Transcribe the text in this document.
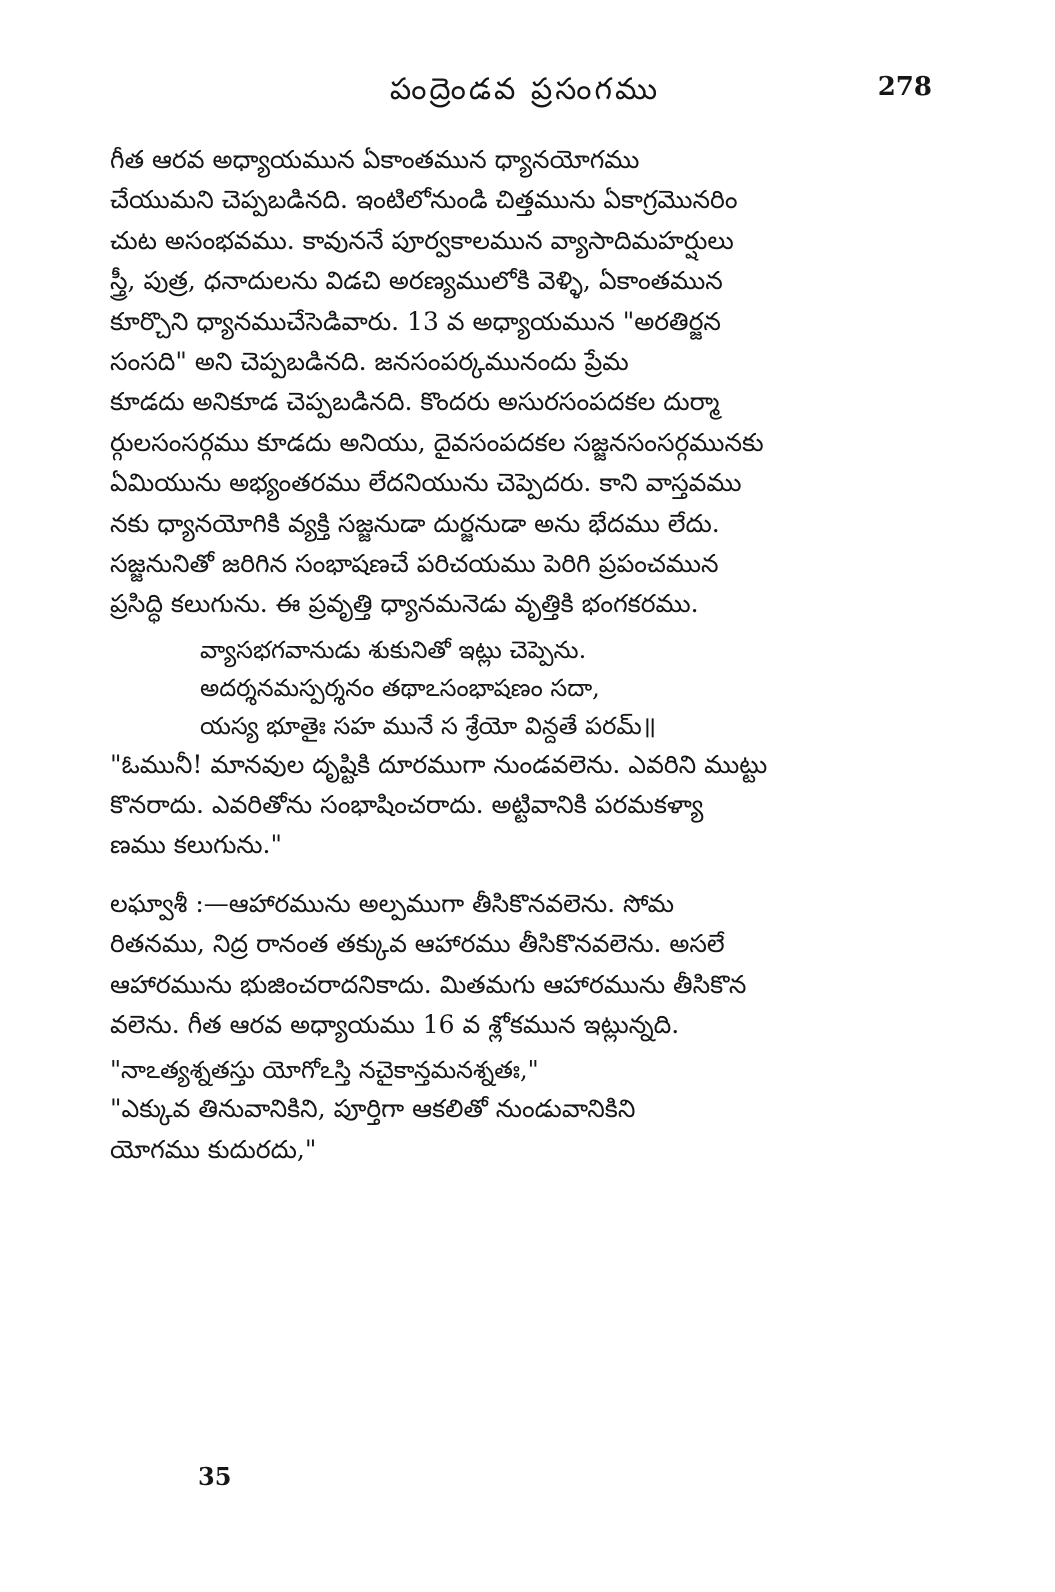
పంద్రెండవ ప్రసంగము	278
గీత ఆరవ అధ్యాయమున ఏకాంతమున ధ్యానయోగము
చేయుమని చెప్పబడినది. ఇంటిలోనుండి చిత్తమును ఏకాగ్రమొనరిం
చుట అసంభవము. కావుననే పూర్వకాలమున వ్యాసాదిమహర్షులు
స్త్రీ, పుత్ర, ధనాదులను విడచి అరణ్యములోకి వెళ్ళి, ఏకాంతమున
కూర్చొని ధ్యానముచేసెడివారు. 13 వ అధ్యాయమున "అరతిర్జన
సంసది" అని చెప్పబడినది. జనసంపర్కమునందు ప్రేమ
కూడదు అనికూడ చెప్పబడినది. కొందరు అసురసంపదకల దుర్మా
ర్గులసంసర్గము కూడదు అనియు, దైవసంపదకల సజ్జనసంసర్గమునకు
ఏమియును అభ్యంతరము లేదనియును చెప్పెదరు. కాని వాస్తవము
నకు ధ్యానయోగికి వ్యక్తి సజ్జనుడా దుర్జనుడా అను భేదము లేదు.
సజ్జనునితో జరిగిన సంభాషణచే పరిచయము పెరిగి ప్రపంచమున
ప్రసిద్ధి కలుగును. ఈ ప్రవృత్తి ధ్యానమనెడు వృత్తికి భంగకరము.
వ్యాసభగవానుడు శుకునితో ఇట్లు చెప్పెను.
అదర్శనమస్పర్శనం తథాఽసంభాషణం సదా,
యస్య భూతైః సహ మునే స శ్రేయో విన్దతే పరమ్॥
"ఓమునీ! మానవుల దృష్టికి దూరముగా నుండవలెను. ఎవరిని ముట్టు
కొనరాదు. ఎవరితోను సంభాషించరాదు. అట్టివానికి పరమకళ్యా
ణము కలుగును."
లఘ్వాశీ :—ఆహారమును అల్పముగా తీసికొనవలెను. సోమ
రితనము, నిద్ర రానంత తక్కువ ఆహారము తీసికొనవలెను. అసలే
ఆహారమును భుజించరాదనికాదు. మితమగు ఆహారమును తీసికొన
వలెను. గీత ఆరవ అధ్యాయము 16 వ శ్లోకమున ఇట్లున్నది.
"నాఽత్యశ్నతస్తు యోగోఽస్తి నచైకాన్తమనశ్నతః,"
"ఎక్కువ తినువానికిని, పూర్తిగా ఆకలితో నుండువానికిని
యోగము కుదురదు,"
35
